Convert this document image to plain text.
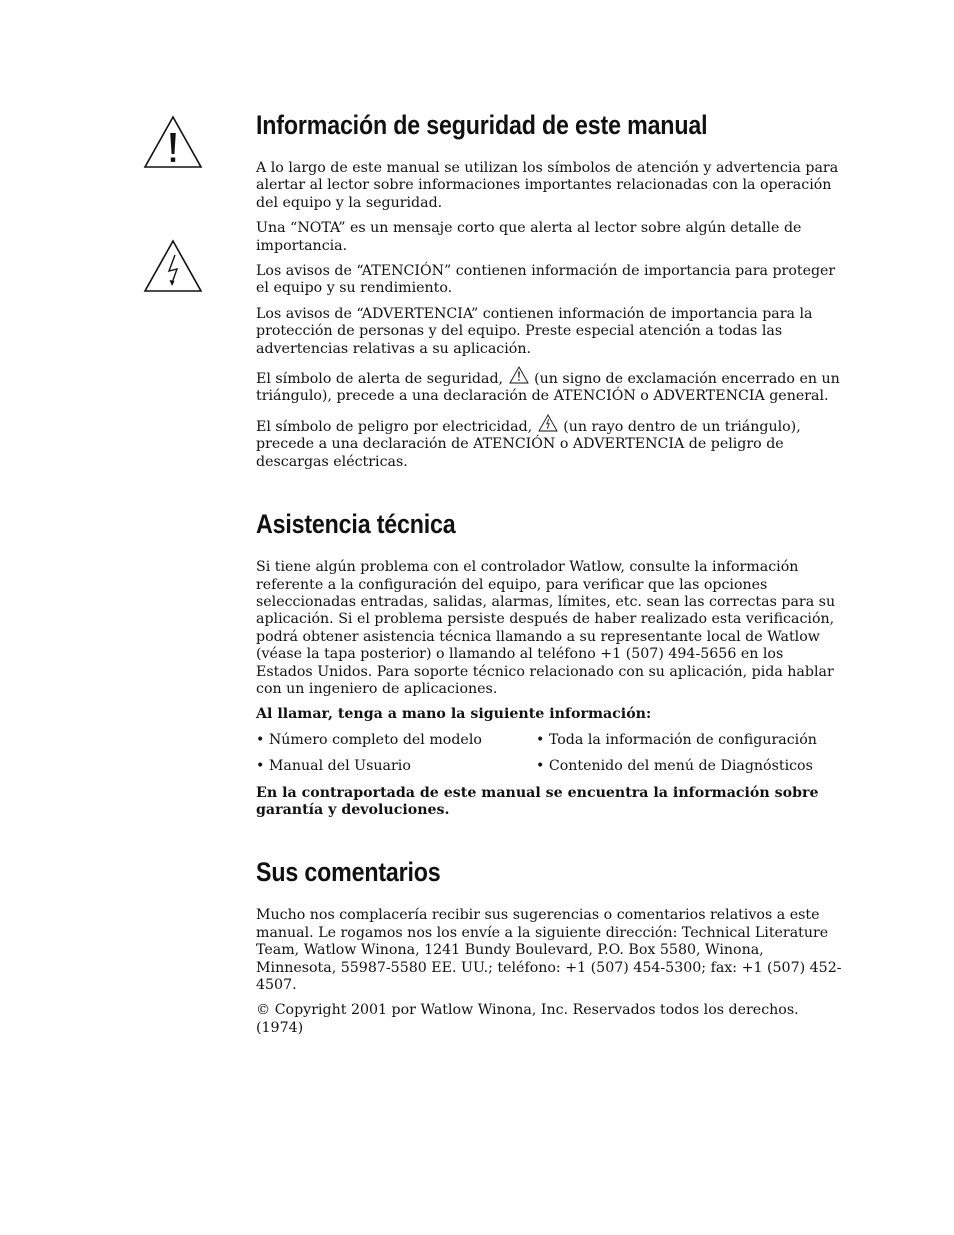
Información de seguridad de este manual

A lo largo de este manual se utilizan los símbolos de atención y advertencia para alertar al lector sobre informaciones importantes relacionadas con la operación del equipo y la seguridad.

Una “NOTA” es un mensaje corto que alerta al lector sobre algún detalle de importancia.

Los avisos de “ATENCIÓN” contienen información de importancia para proteger el equipo y su rendimiento.

Los avisos de “ADVERTENCIA” contienen información de importancia para la protección de personas y del equipo. Preste especial atención a todas las advertencias relativas a su aplicación.

El símbolo de alerta de seguridad, (un signo de exclamación encerrado en un triángulo), precede a una declaración de ATENCIÓN o ADVERTENCIA general.

El símbolo de peligro por electricidad, (un rayo dentro de un triángulo), precede a una declaración de ATENCIÓN o ADVERTENCIA de peligro de descargas eléctricas.

Asistencia técnica

Si tiene algún problema con el controlador Watlow, consulte la información referente a la configuración del equipo, para verificar que las opciones seleccionadas entradas, salidas, alarmas, límites, etc. sean las correctas para su aplicación. Si el problema persiste después de haber realizado esta verificación, podrá obtener asistencia técnica llamando a su representante local de Watlow (véase la tapa posterior) o llamando al teléfono +1 (507) 494-5656 en los Estados Unidos. Para soporte técnico relacionado con su aplicación, pida hablar con un ingeniero de aplicaciones.

Al llamar, tenga a mano la siguiente información:

• Número completo del modelo	• Toda la información de configuración
• Manual del Usuario	• Contenido del menú de Diagnósticos

En la contraportada de este manual se encuentra la información sobre garantía y devoluciones.

Sus comentarios

Mucho nos complacería recibir sus sugerencias o comentarios relativos a este manual. Le rogamos nos los envíe a la siguiente dirección: Technical Literature Team, Watlow Winona, 1241 Bundy Boulevard, P.O. Box 5580, Winona, Minnesota, 55987-5580 EE. UU.; teléfono: +1 (507) 454-5300; fax: +1 (507) 452-4507.

© Copyright 2001 por Watlow Winona, Inc. Reservados todos los derechos. (1974)
